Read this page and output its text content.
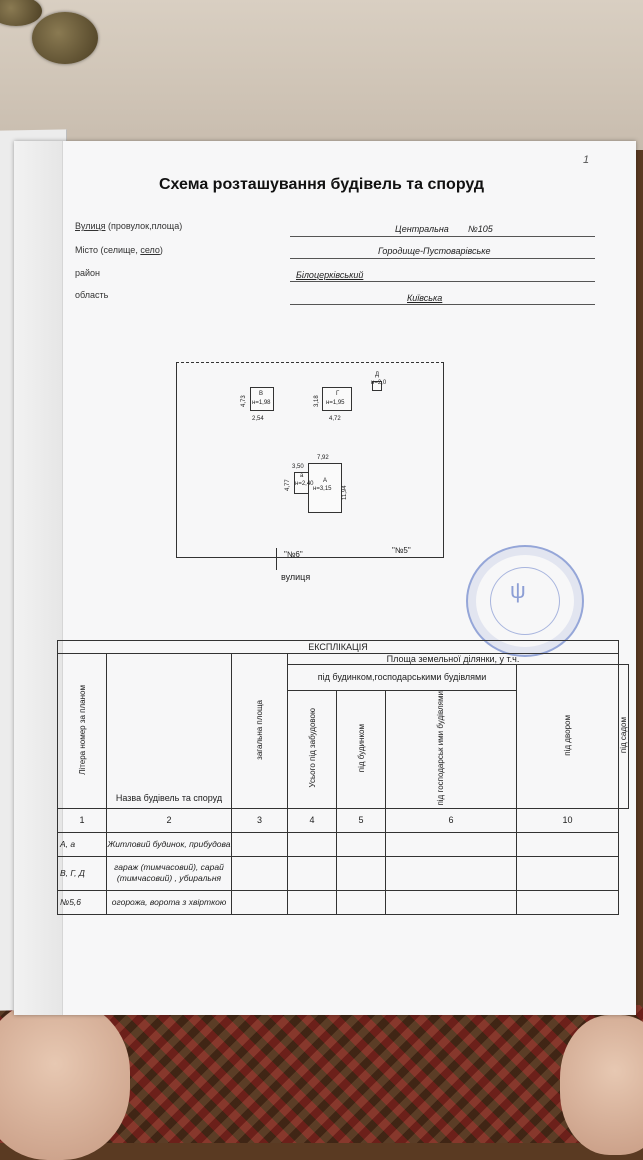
1
Схема розташування будівель та споруд
Вулиця (провулок,площа)	Центральна №105
Місто (селище, село)	Городище-Пустоварівське
район	Білоцерківський
область	Київська
В
н=1,98
4,73
2,54
Г
н=1,95
3,18
4,72
Д
н=2,0
7,92
А
н=3,15 11,94
3,50
а
н=2,40
4,77
"№6"	"№5"
вулиця
ψ
ЕКСПЛІКАЦІЯ							
Літера номер за планом	Назва будівель та споруд	загальна площа	Площа земельної ділянки, у т.ч.				
			під будинком,господарськими будівлями			під двором	під садом
			Усього під забудовою	під будинком	під господарськ ими будівлями		
1	2	3	4	5	6	10	
А, а	Житловий будинок, прибудова						
В, Г, Д	гараж (тимчасовий), сарай (тимчасовий) , убиральня						
№5,6	огорожа, ворота з хвірткою						
